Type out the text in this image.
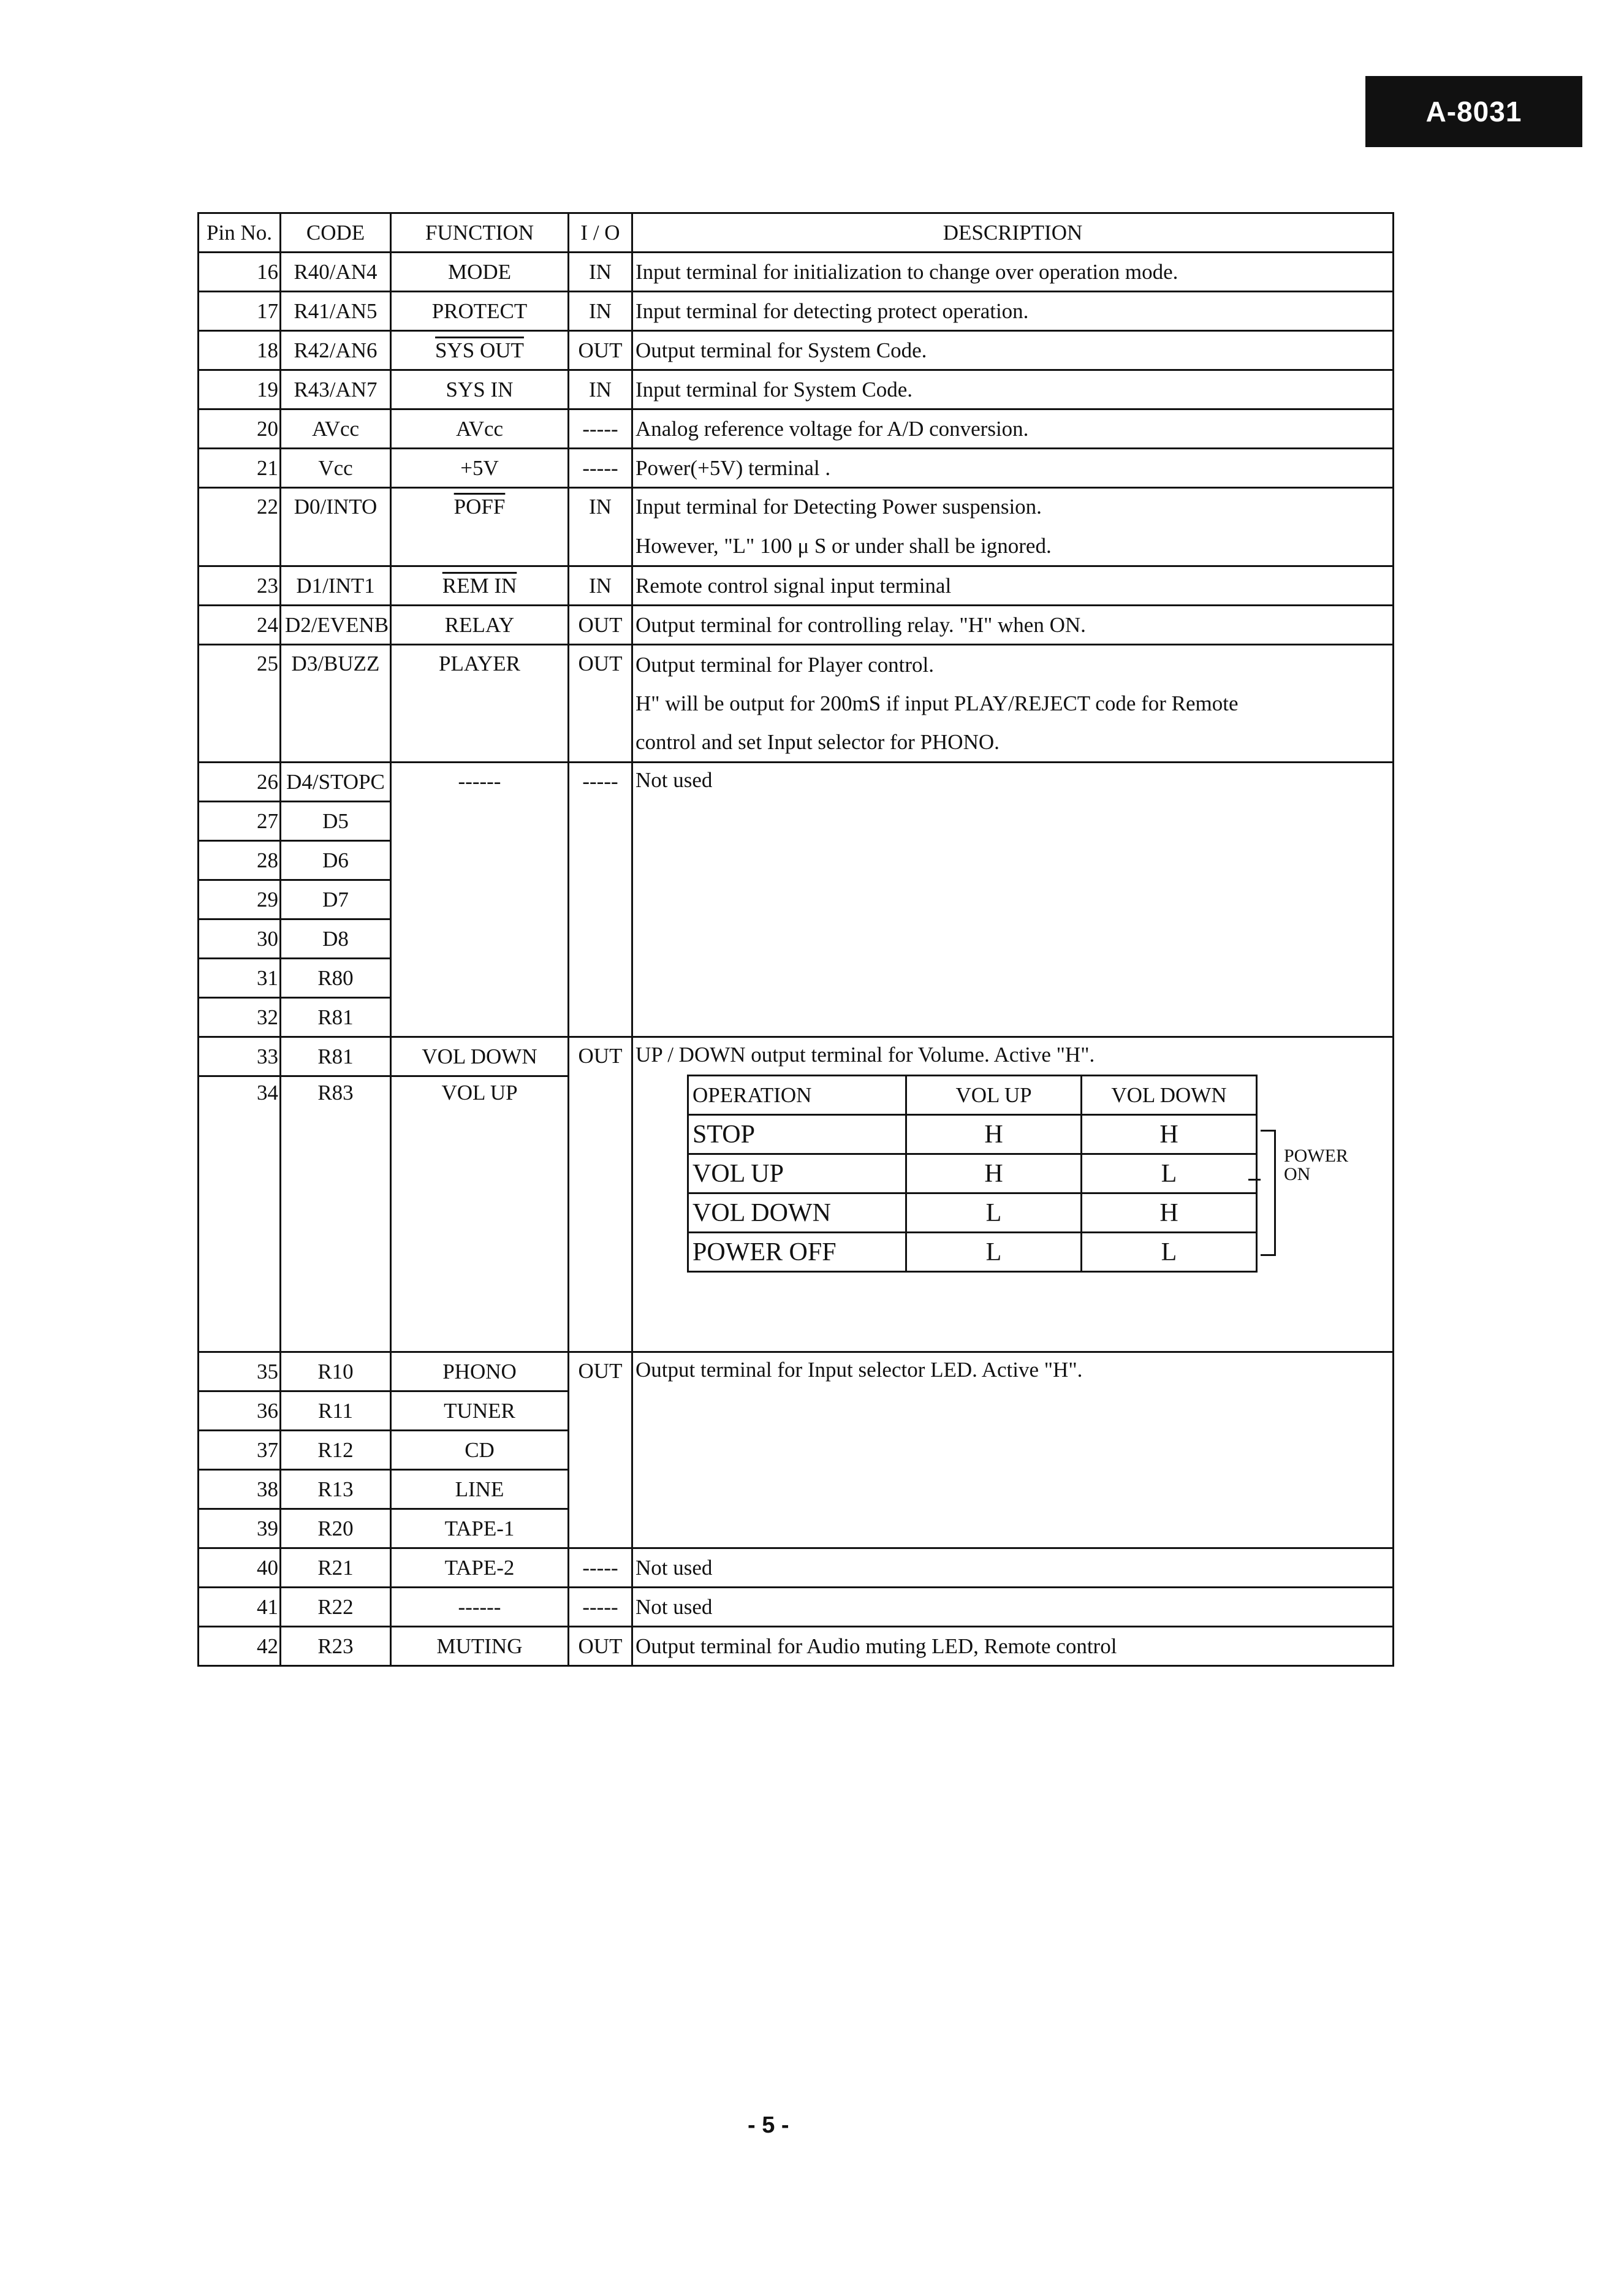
A-8031
Pin No.	CODE	FUNCTION	I / O	DESCRIPTION
16	R40/AN4	MODE	IN	Input terminal for initialization to change over operation mode.
17	R41/AN5	PROTECT	IN	Input terminal for detecting protect operation.
18	R42/AN6	SYS OUT	OUT	Output terminal for System Code.
19	R43/AN7	SYS IN	IN	Input terminal for System Code.
20	AVcc	AVcc	-----	Analog reference voltage for A/D conversion.
21	Vcc	+5V	-----	Power(+5V) terminal .
22	D0/INTO	POFF	IN	Input terminal for Detecting Power suspension.
However, "L" 100 μ S or under shall be ignored.

23	D1/INT1	REM IN	IN	Remote control signal input terminal
24	D2/EVENB	RELAY	OUT	Output terminal for controlling relay. "H" when ON.
25	D3/BUZZ	PLAYER	OUT	Output terminal for Player control.
H" will be output for 200mS if input PLAY/REJECT code for Remote
control and set Input selector for PHONO.

26	D4/STOPC	------	-----	Not used
27	D5
28	D6
29	D7
30	D8
31	R80
32	R81
33	R81	VOL DOWN	OUT	UP / DOWN output terminal for Volume. Active "H".
OPERATION	VOL UP	VOL DOWN
STOP	H	H
VOL UP	H	L
VOL DOWN	L	H
POWER OFF	L	L
POWER
ON

34	R83	VOL UP
35	R10	PHONO	OUT	Output terminal for Input selector LED. Active "H".
36	R11	TUNER
37	R12	CD
38	R13	LINE
39	R20	TAPE-1
40	R21	TAPE-2	-----	Not used
41	R22	------	-----	Not used
42	R23	MUTING	OUT	Output terminal for Audio muting LED, Remote control
- 5 -
